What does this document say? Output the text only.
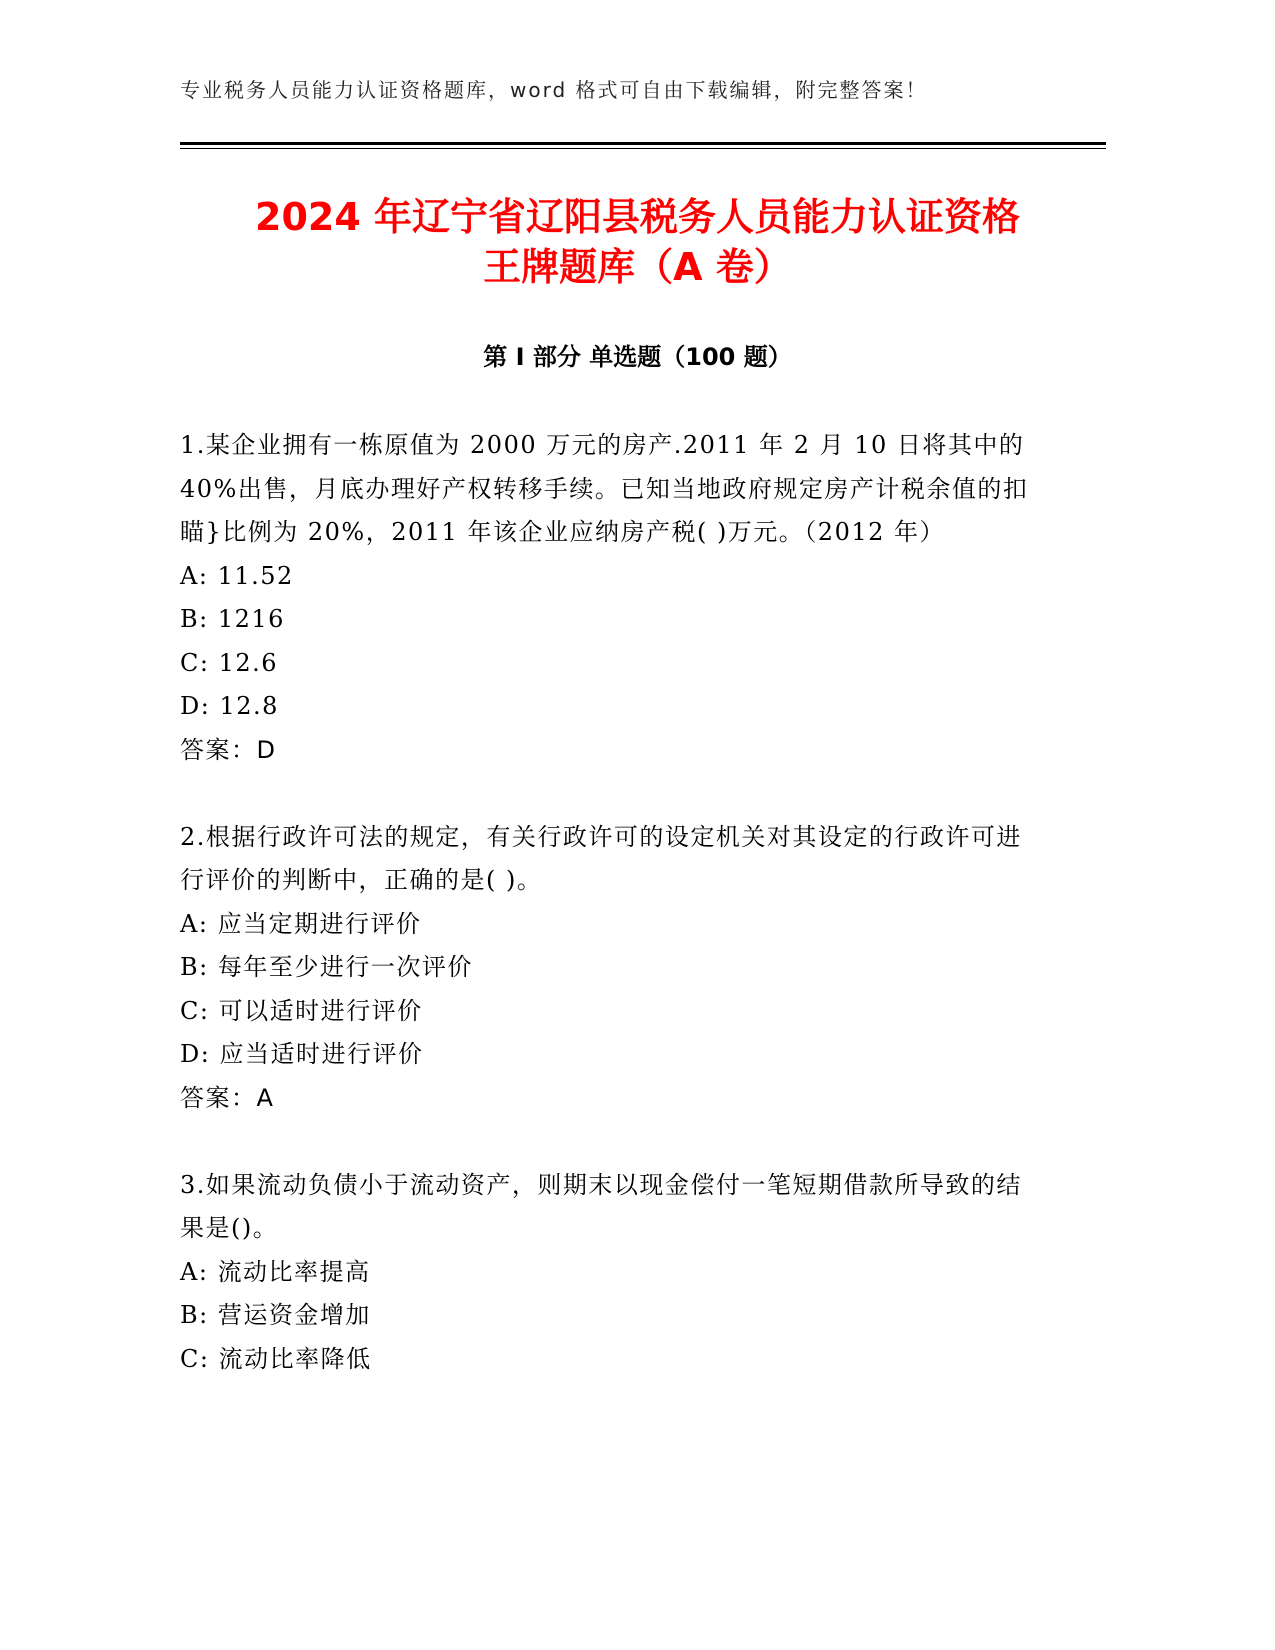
专业税务人员能力认证资格题库，word 格式可自由下载编辑，附完整答案！
2024 年辽宁省辽阳县税务人员能力认证资格
王牌题库（A 卷）
第 I 部分 单选题（100 题）
1.某企业拥有一栋原值为 2000 万元的房产.2011 年 2 月 10 日将其中的 40%出售，月底办理好产权转移手续。已知当地政府规定房产计税余值的扣瞄}比例为 20%，2011 年该企业应纳房产税( )万元。（2012 年）
A: 11.52
B: 1216
C: 12.6
D: 12.8
答案：D
2.根据行政许可法的规定，有关行政许可的设定机关对其设定的行政许可进行评价的判断中，正确的是( )。
A: 应当定期进行评价
B: 每年至少进行一次评价
C: 可以适时进行评价
D: 应当适时进行评价
答案：A
3.如果流动负债小于流动资产，则期末以现金偿付一笔短期借款所导致的结果是()。
A: 流动比率提高
B: 营运资金增加
C: 流动比率降低
